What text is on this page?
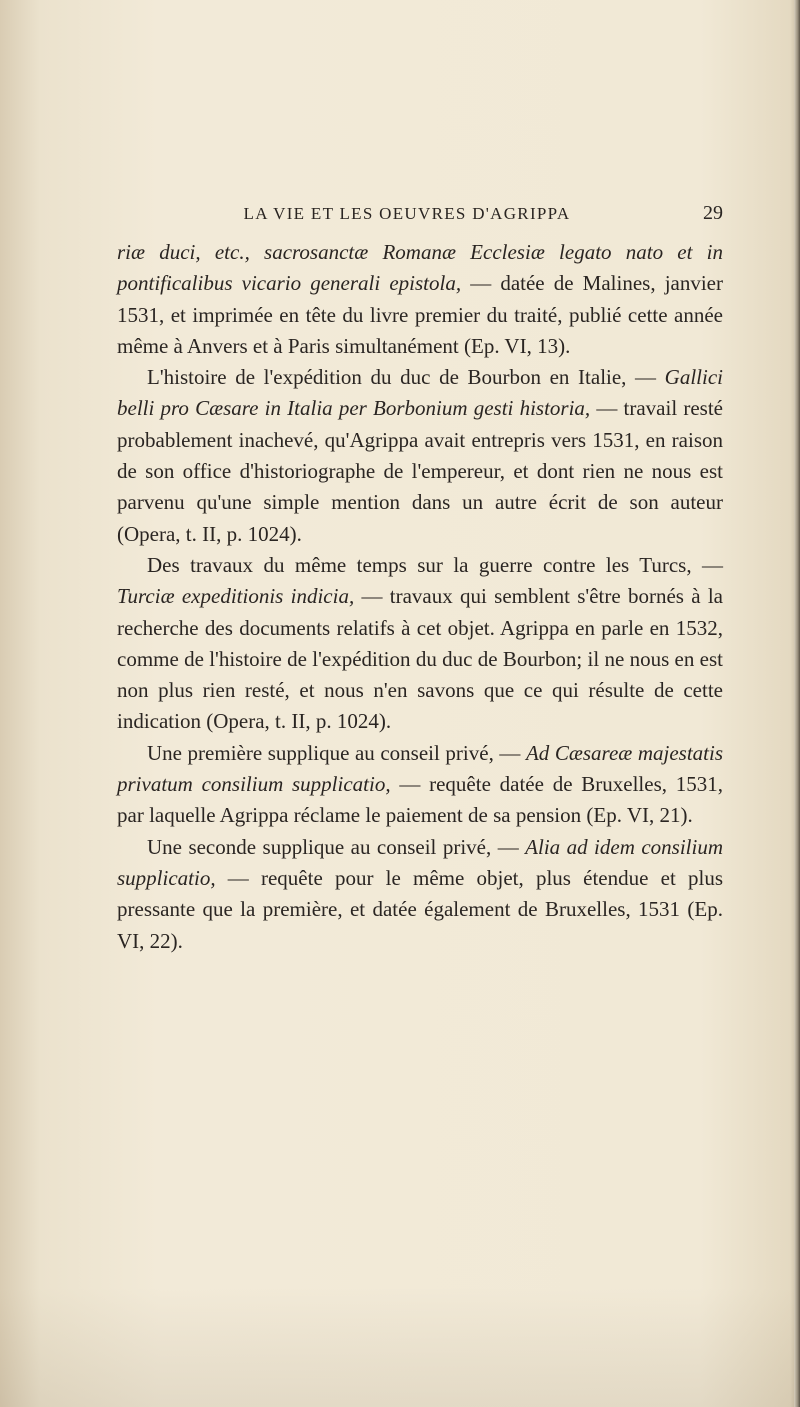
LA VIE ET LES OEUVRES D'AGRIPPA	29

riæ duci, etc., sacrosanctæ Romanæ Ecclesiæ legato nato et in pontificalibus vicario generali epistola, — datée de Malines, janvier 1531, et imprimée en tête du livre premier du traité, publié cette année même à Anvers et à Paris simultanément (Ep. VI, 13).

L'histoire de l'expédition du duc de Bourbon en Italie, — Gallici belli pro Cæsare in Italia per Borbonium gesti historia, — travail resté probablement inachevé, qu'Agrippa avait entrepris vers 1531, en raison de son office d'historiographe de l'empereur, et dont rien ne nous est parvenu qu'une simple mention dans un autre écrit de son auteur (Opera, t. II, p. 1024).

Des travaux du même temps sur la guerre contre les Turcs, — Turciæ expeditionis indicia, — travaux qui semblent s'être bornés à la recherche des documents relatifs à cet objet. Agrippa en parle en 1532, comme de l'histoire de l'expédition du duc de Bourbon; il ne nous en est non plus rien resté, et nous n'en savons que ce qui résulte de cette indication (Opera, t. II, p. 1024).

Une première supplique au conseil privé, — Ad Cæsareæ majestatis privatum consilium supplicatio, — requête datée de Bruxelles, 1531, par laquelle Agrippa réclame le paiement de sa pension (Ep. VI, 21).

Une seconde supplique au conseil privé, — Alia ad idem consilium supplicatio, — requête pour le même objet, plus étendue et plus pressante que la première, et datée également de Bruxelles, 1531 (Ep. VI, 22).
